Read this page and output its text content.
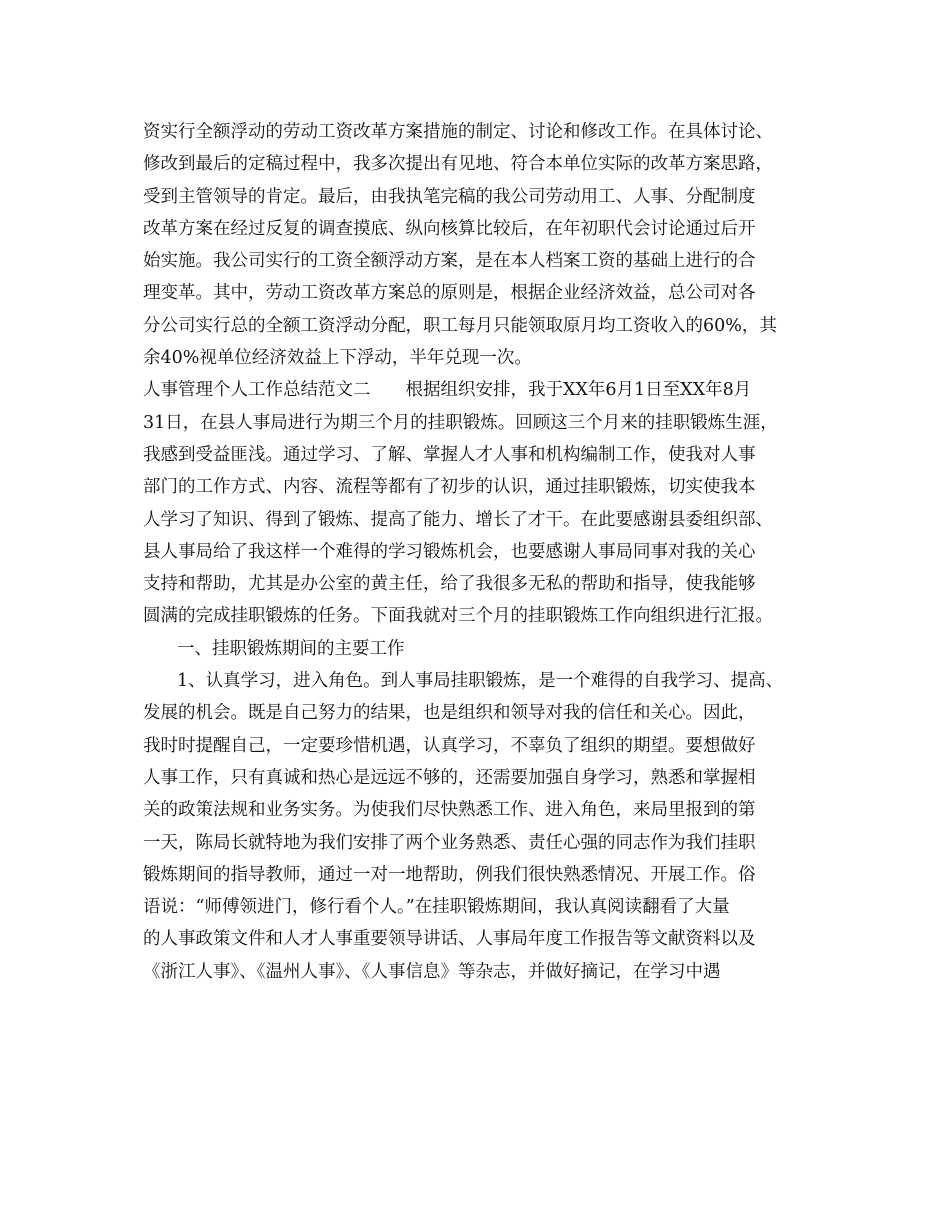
资实行全额浮动的劳动工资改革方案措施的制定、讨论和修改工作。在具体讨论、
修改到最后的定稿过程中，我多次提出有见地、符合本单位实际的改革方案思路，
受到主管领导的肯定。最后，由我执笔完稿的我公司劳动用工、人事、分配制度
改革方案在经过反复的调查摸底、纵向核算比较后，在年初职代会讨论通过后开
始实施。我公司实行的工资全额浮动方案，是在本人档案工资的基础上进行的合
理变革。其中，劳动工资改革方案总的原则是，根据企业经济效益，总公司对各
分公司实行总的全额工资浮动分配，职工每月只能领取原月均工资收入的60%，其
余40%视单位经济效益上下浮动，半年兑现一次。
人事管理个人工作总结范文二　　根据组织安排，我于XX年6月1日至XX年8月
31日，在县人事局进行为期三个月的挂职锻炼。回顾这三个月来的挂职锻炼生涯，
我感到受益匪浅。通过学习、了解、掌握人才人事和机构编制工作，使我对人事
部门的工作方式、内容、流程等都有了初步的认识，通过挂职锻炼，切实使我本
人学习了知识、得到了锻炼、提高了能力、增长了才干。在此要感谢县委组织部、
县人事局给了我这样一个难得的学习锻炼机会，也要感谢人事局同事对我的关心
支持和帮助，尤其是办公室的黄主任，给了我很多无私的帮助和指导，使我能够
圆满的完成挂职锻炼的任务。下面我就对三个月的挂职锻炼工作向组织进行汇报。
一、挂职锻炼期间的主要工作
1、认真学习，进入角色。到人事局挂职锻炼，是一个难得的自我学习、提高、
发展的机会。既是自己努力的结果，也是组织和领导对我的信任和关心。因此，
我时时提醒自己，一定要珍惜机遇，认真学习，不辜负了组织的期望。要想做好
人事工作，只有真诚和热心是远远不够的，还需要加强自身学习，熟悉和掌握相
关的政策法规和业务实务。为使我们尽快熟悉工作、进入角色，来局里报到的第
一天，陈局长就特地为我们安排了两个业务熟悉、责任心强的同志作为我们挂职
锻炼期间的指导教师，通过一对一地帮助，例我们很快熟悉情况、开展工作。俗
语说：“师傅领进门，修行看个人。”在挂职锻炼期间，我认真阅读翻看了大量
的人事政策文件和人才人事重要领导讲话、人事局年度工作报告等文献资料以及
《浙江人事》、《温州人事》、《人事信息》等杂志，并做好摘记，在学习中遇
